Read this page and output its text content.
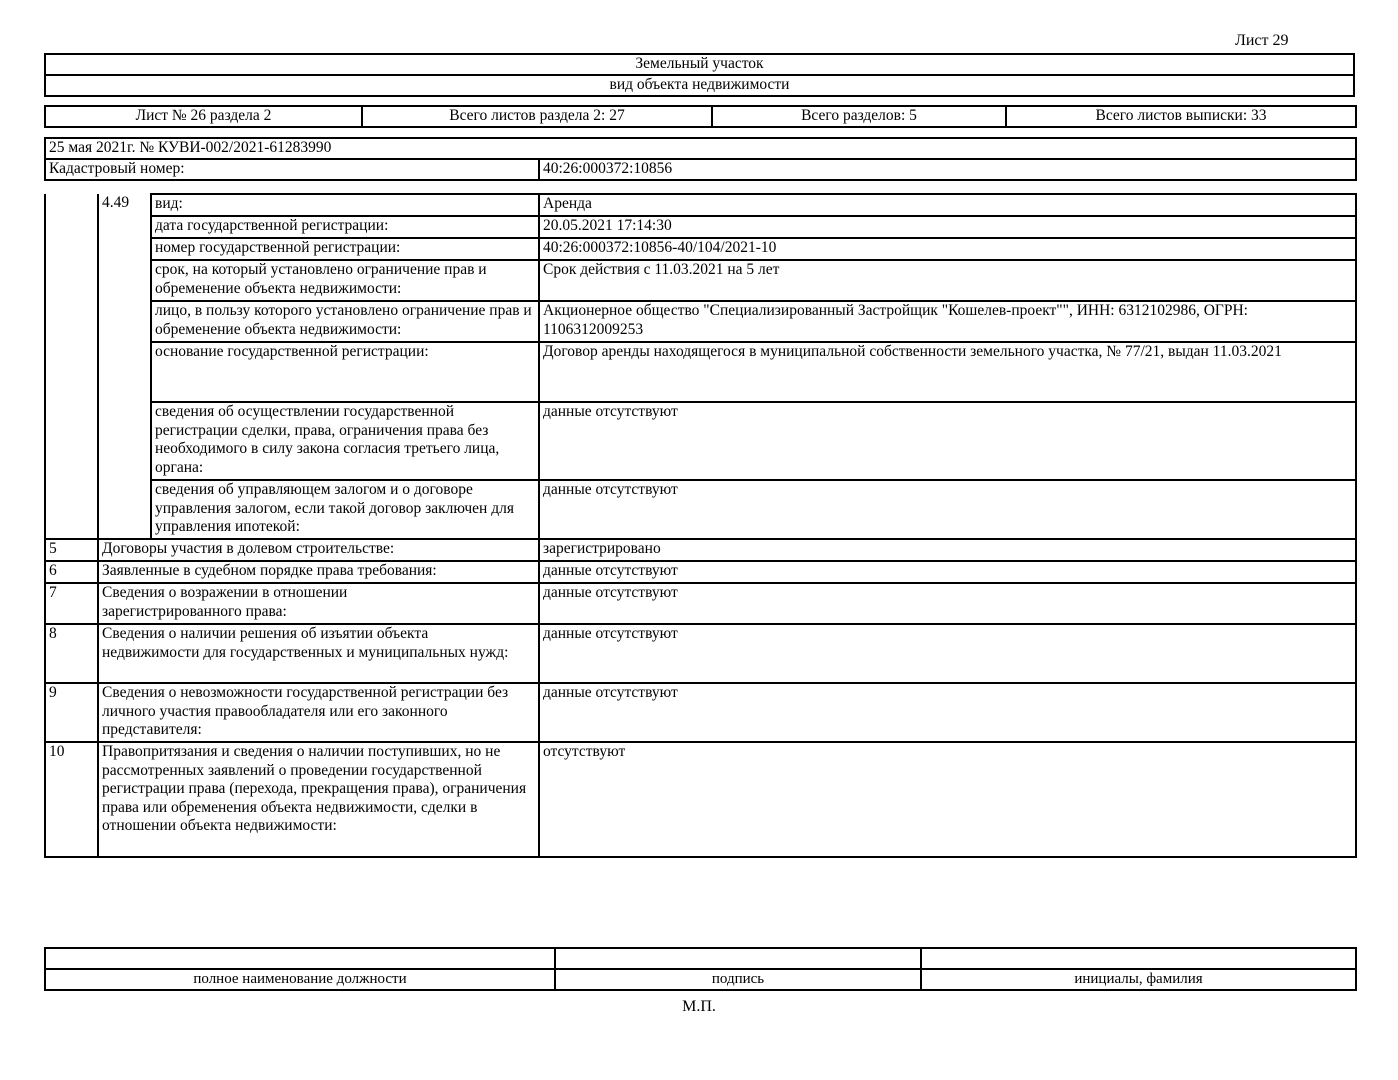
Лист 29
Земельный участок
вид объекта недвижимости
Лист № 26 раздела 2	Всего листов раздела 2: 27	Всего разделов: 5	Всего листов выписки: 33
25 мая 2021г. № КУВИ-002/2021-61283990
Кадастровый номер:	40:26:000372:10856
	4.49	вид:	Аренда
		дата государственной регистрации:	20.05.2021 17:14:30
		номер государственной регистрации:	40:26:000372:10856-40/104/2021-10
		срок, на который установлено ограничение прав и обременение объекта недвижимости:	Срок действия с 11.03.2021 на 5 лет
		лицо, в пользу которого установлено ограничение прав и обременение объекта недвижимости:	Акционерное общество "Специализированный Застройщик "Кошелев-проект"", ИНН: 6312102986, ОГРН: 1106312009253
		основание государственной регистрации:	Договор аренды находящегося в муниципальной собственности земельного участка, № 77/21, выдан 11.03.2021
		сведения об осуществлении государственной регистрации сделки, права, ограничения права без необходимого в силу закона согласия третьего лица, органа:	данные отсутствуют
		сведения об управляющем залогом и о договоре управления залогом, если такой договор заключен для управления ипотекой:	данные отсутствуют
5	Договоры участия в долевом строительстве:		зарегистрировано
6	Заявленные в судебном порядке права требования:		данные отсутствуют
7	Сведения о возражении в отношении зарегистрированного права:		данные отсутствуют
8	Сведения о наличии решения об изъятии объекта недвижимости для государственных и муниципальных нужд:		данные отсутствуют
9	Сведения о невозможности государственной регистрации без личного участия правообладателя или его законного представителя:		данные отсутствуют
10	Правопритязания и сведения о наличии поступивших, но не рассмотренных заявлений о проведении государственной регистрации права (перехода, прекращения права), ограничения права или обременения объекта недвижимости, сделки в отношении объекта недвижимости:		отсутствуют

полное наименование должности	подпись	инициалы, фамилия
М.П.
